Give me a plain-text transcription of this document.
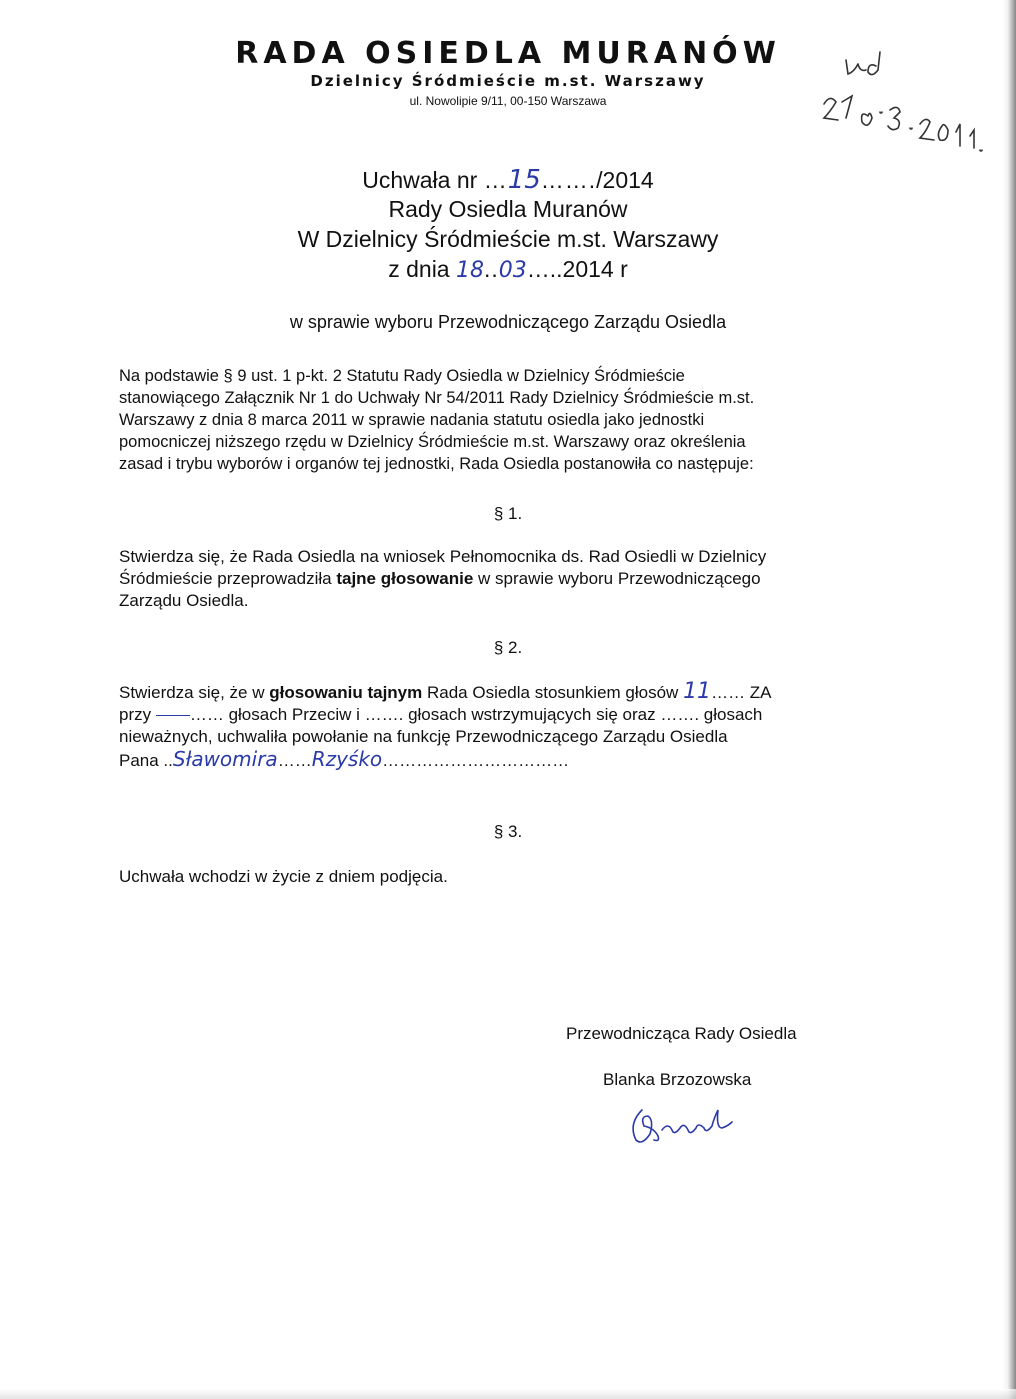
RADA OSIEDLA MURANÓW
Dzielnicy Śródmieście m.st. Warszawy
ul. Nowolipie 9/11, 00-150 Warszawa
Uchwała nr …15……./2014
Rady Osiedla Muranów
W Dzielnicy Śródmieście m.st. Warszawy
z dnia 18..03…..2014 r
w sprawie wyboru Przewodniczącego Zarządu Osiedla
Na podstawie § 9 ust. 1 p-kt. 2 Statutu Rady Osiedla w Dzielnicy Śródmieście
stanowiącego Załącznik Nr 1 do Uchwały Nr 54/2011 Rady Dzielnicy Śródmieście m.st.
Warszawy z dnia 8 marca 2011 w sprawie nadania statutu osiedla jako jednostki
pomocniczej niższego rzędu w Dzielnicy Śródmieście m.st. Warszawy oraz określenia
zasad i trybu wyborów i organów tej jednostki, Rada Osiedla postanowiła co następuje:
§ 1.
Stwierdza się, że Rada Osiedla na wniosek Pełnomocnika ds. Rad Osiedli w Dzielnicy
Śródmieście przeprowadziła tajne głosowanie w sprawie wyboru Przewodniczącego
Zarządu Osiedla.
§ 2.
Stwierdza się, że w głosowaniu tajnym Rada Osiedla stosunkiem głosów 11…… ZA
przy …… głosach Przeciw i ……. głosach wstrzymujących się oraz ……. głosach
nieważnych, uchwaliła powołanie na funkcję Przewodniczącego Zarządu Osiedla
Pana ..Sławomira……Rzyśko……………………………
§ 3.
Uchwała wchodzi w życie z dniem podjęcia.
Przewodnicząca Rady Osiedla
Blanka Brzozowska
